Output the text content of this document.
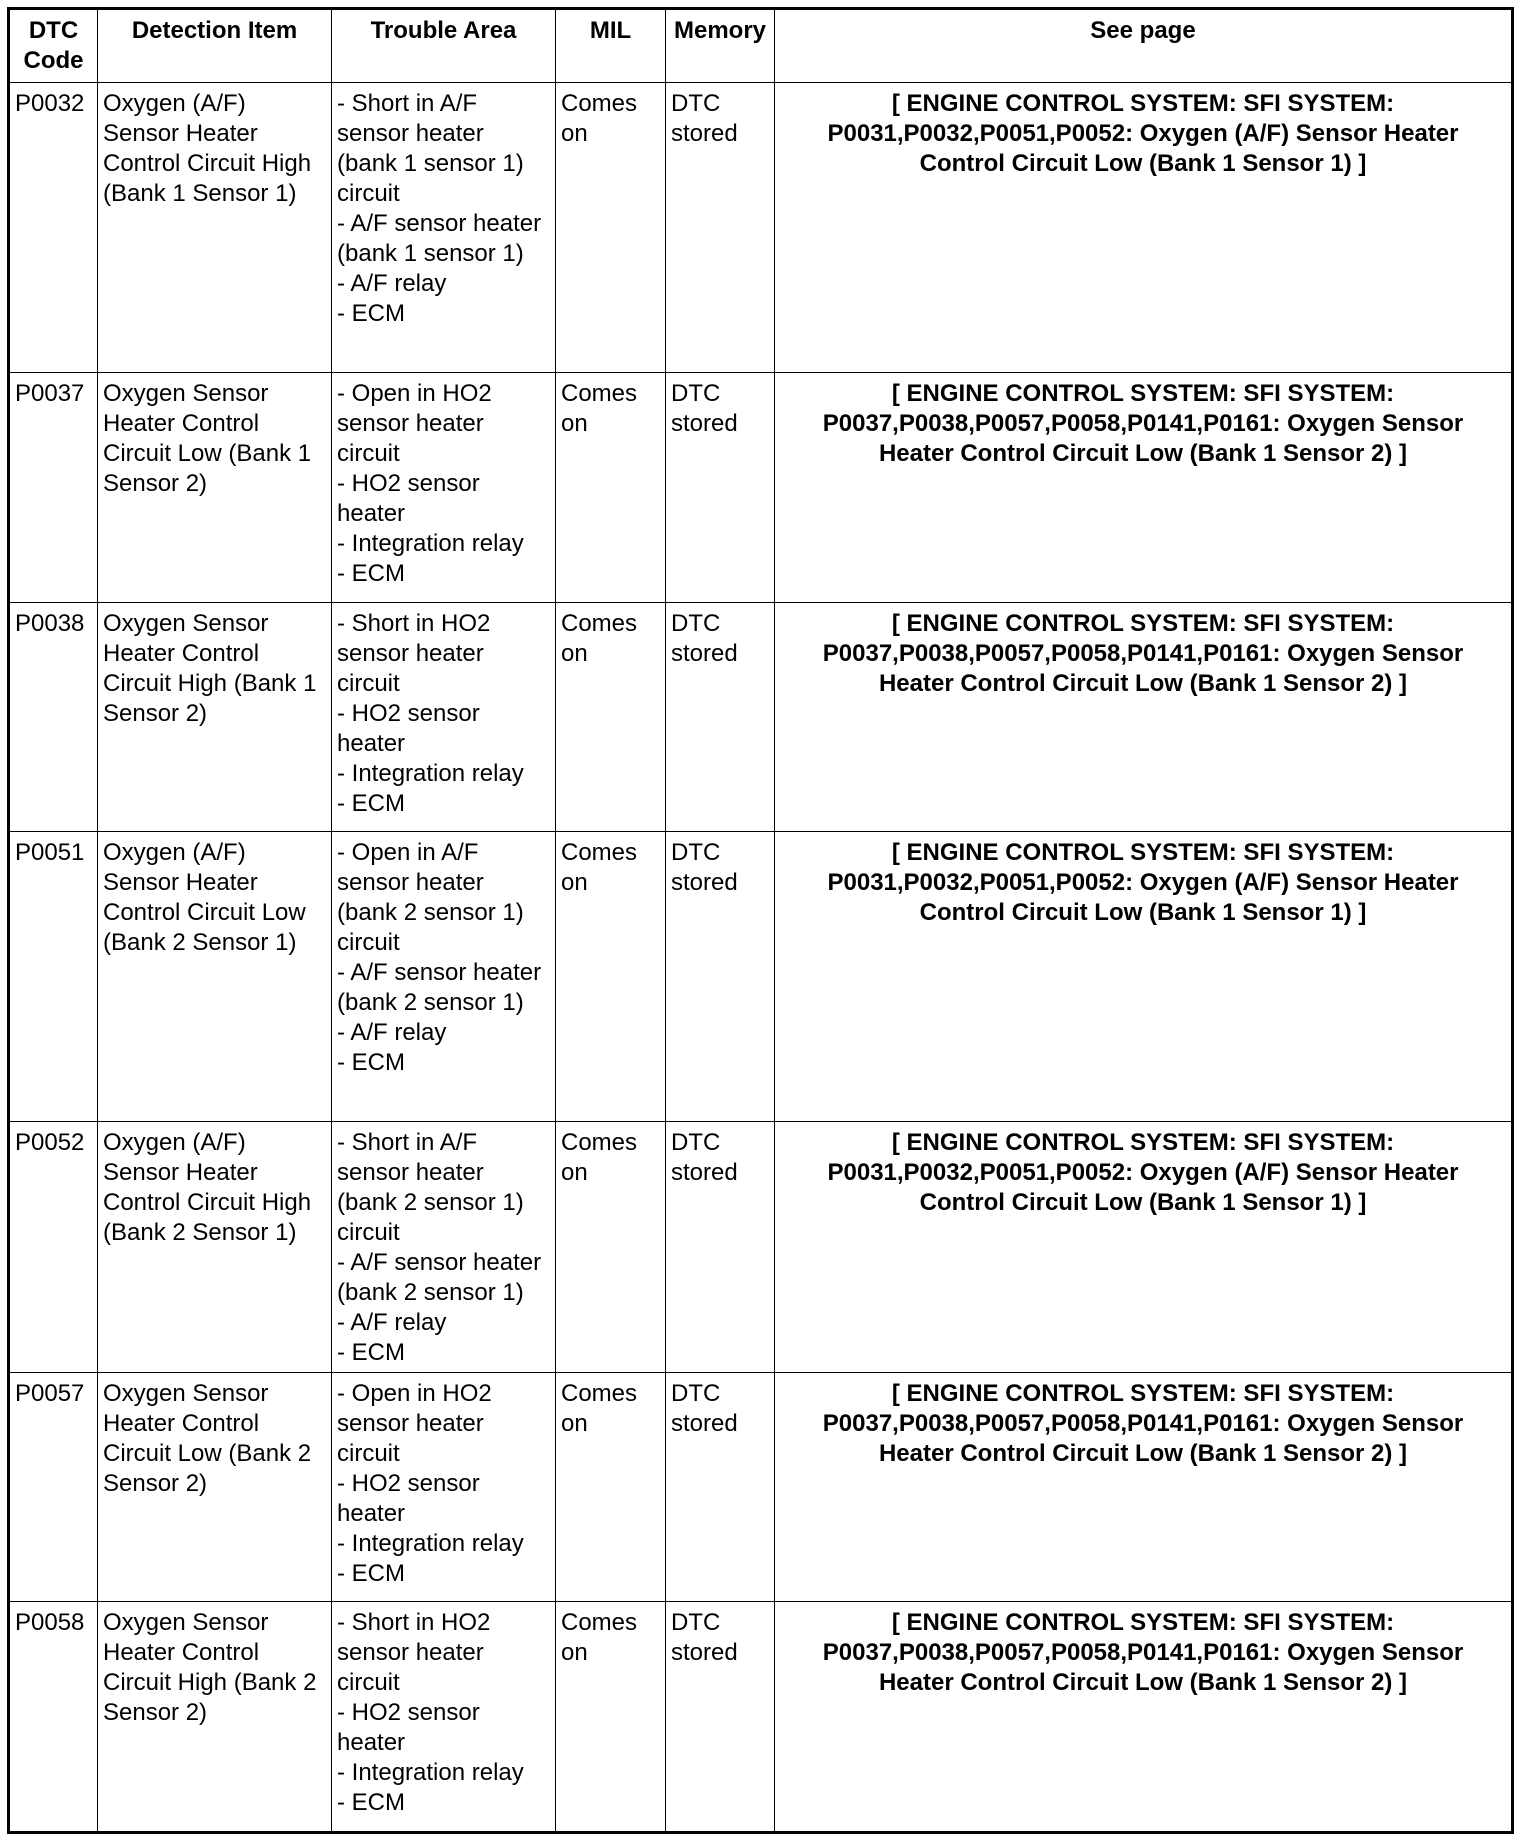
DTC
Code	Detection Item	Trouble Area	MIL	Memory	See page
P0032	Oxygen (A/F) Sensor Heater Control Circuit High (Bank 1 Sensor 1)	- Short in A/F sensor heater (bank 1 sensor 1) circuit
- A/F sensor heater (bank 1 sensor 1)
- A/F relay
- ECM	Comes on	DTC stored	[ ENGINE CONTROL SYSTEM: SFI SYSTEM: P0031,P0032,P0051,P0052: Oxygen (A/F) Sensor Heater Control Circuit Low (Bank 1 Sensor 1) ]
P0037	Oxygen Sensor Heater Control Circuit Low (Bank 1 Sensor 2)	- Open in HO2 sensor heater circuit
- HO2 sensor heater
- Integration relay
- ECM	Comes on	DTC stored	[ ENGINE CONTROL SYSTEM: SFI SYSTEM: P0037,P0038,P0057,P0058,P0141,P0161: Oxygen Sensor Heater Control Circuit Low (Bank 1 Sensor 2) ]
P0038	Oxygen Sensor Heater Control Circuit High (Bank 1 Sensor 2)	- Short in HO2 sensor heater circuit
- HO2 sensor heater
- Integration relay
- ECM	Comes on	DTC stored	[ ENGINE CONTROL SYSTEM: SFI SYSTEM: P0037,P0038,P0057,P0058,P0141,P0161: Oxygen Sensor Heater Control Circuit Low (Bank 1 Sensor 2) ]
P0051	Oxygen (A/F) Sensor Heater Control Circuit Low (Bank 2 Sensor 1)	- Open in A/F sensor heater (bank 2 sensor 1) circuit
- A/F sensor heater (bank 2 sensor 1)
- A/F relay
- ECM	Comes on	DTC stored	[ ENGINE CONTROL SYSTEM: SFI SYSTEM: P0031,P0032,P0051,P0052: Oxygen (A/F) Sensor Heater Control Circuit Low (Bank 1 Sensor 1) ]
P0052	Oxygen (A/F) Sensor Heater Control Circuit High (Bank 2 Sensor 1)	- Short in A/F sensor heater (bank 2 sensor 1) circuit
- A/F sensor heater (bank 2 sensor 1)
- A/F relay
- ECM	Comes on	DTC stored	[ ENGINE CONTROL SYSTEM: SFI SYSTEM: P0031,P0032,P0051,P0052: Oxygen (A/F) Sensor Heater Control Circuit Low (Bank 1 Sensor 1) ]
P0057	Oxygen Sensor Heater Control Circuit Low (Bank 2 Sensor 2)	- Open in HO2 sensor heater circuit
- HO2 sensor heater
- Integration relay
- ECM	Comes on	DTC stored	[ ENGINE CONTROL SYSTEM: SFI SYSTEM: P0037,P0038,P0057,P0058,P0141,P0161: Oxygen Sensor Heater Control Circuit Low (Bank 1 Sensor 2) ]
P0058	Oxygen Sensor Heater Control Circuit High (Bank 2 Sensor 2)	- Short in HO2 sensor heater circuit
- HO2 sensor heater
- Integration relay
- ECM	Comes on	DTC stored	[ ENGINE CONTROL SYSTEM: SFI SYSTEM: P0037,P0038,P0057,P0058,P0141,P0161: Oxygen Sensor Heater Control Circuit Low (Bank 1 Sensor 2) ]
